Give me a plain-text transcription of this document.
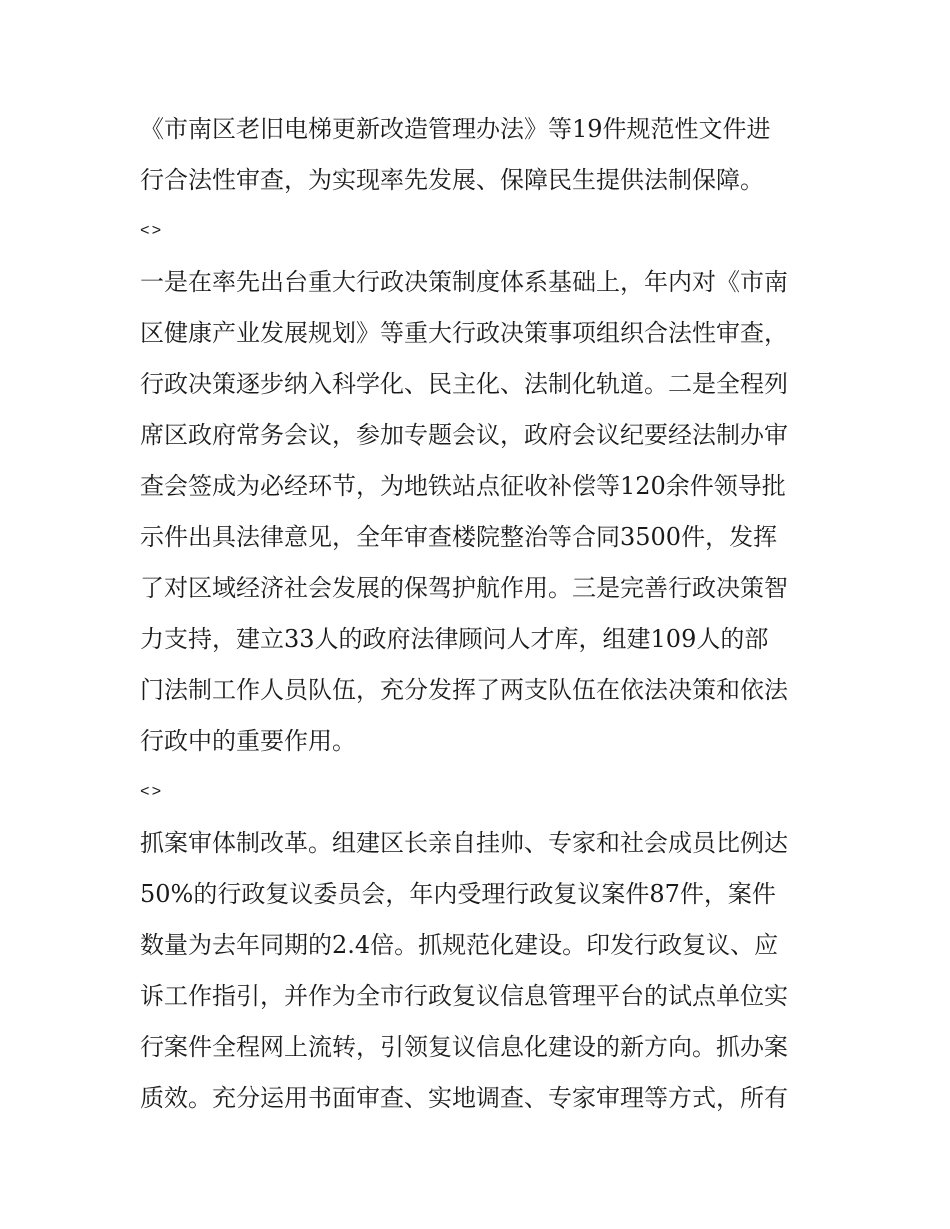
《市南区老旧电梯更新改造管理办法》等19件规范性文件进
行合法性审查，为实现率先发展、保障民生提供法制保障。
<>
一是在率先出台重大行政决策制度体系基础上，年内对《市南
区健康产业发展规划》等重大行政决策事项组织合法性审查，
行政决策逐步纳入科学化、民主化、法制化轨道。二是全程列
席区政府常务会议，参加专题会议，政府会议纪要经法制办审
查会签成为必经环节，为地铁站点征收补偿等120余件领导批
示件出具法律意见，全年审查楼院整治等合同3500件，发挥
了对区域经济社会发展的保驾护航作用。三是完善行政决策智
力支持，建立33人的政府法律顾问人才库，组建109人的部
门法制工作人员队伍，充分发挥了两支队伍在依法决策和依法
行政中的重要作用。
<>
抓案审体制改革。组建区长亲自挂帅、专家和社会成员比例达
50%的行政复议委员会，年内受理行政复议案件87件，案件
数量为去年同期的2.4倍。抓规范化建设。印发行政复议、应
诉工作指引，并作为全市行政复议信息管理平台的试点单位实
行案件全程网上流转，引领复议信息化建设的新方向。抓办案
质效。充分运用书面审查、实地调查、专家审理等方式，所有
